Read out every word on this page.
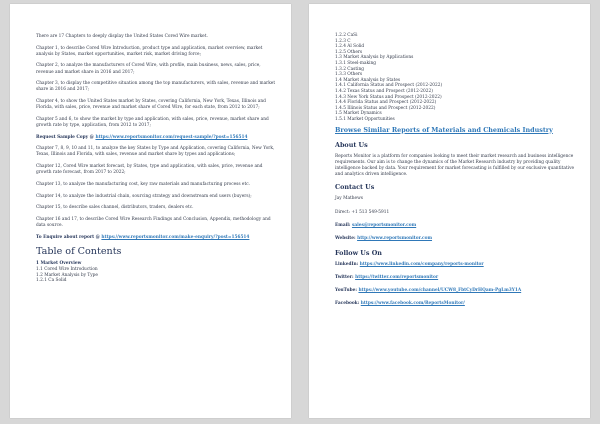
There are 17 Chapters to deeply display the United States Cored Wire market.

Chapter 1, to describe Cored Wire Introduction, product type and application, market overview, market analysis by States, market opportunities, market risk, market driving force;

Chapter 2, to analyze the manufacturers of Cored Wire, with profile, main business, news, sales, price, revenue and market share in 2016 and 2017;

Chapter 3, to display the competitive situation among the top manufacturers, with sales, revenue and market share in 2016 and 2017;

Chapter 4, to show the United States market by States, covering California, New York, Texas, Illinois and Florida, with sales, price, revenue and market share of Cored Wire, for each state, from 2012 to 2017;

Chapter 5 and 6, to show the market by type and application, with sales, price, revenue, market share and growth rate by type, application, from 2012 to 2017;

Request Sample Copy @ https://www.reportsmonitor.com/request-sample/?post=156514

Chapter 7, 8, 9, 10 and 11, to analyze the key States by Type and Application, covering California, New York, Texas, Illinois and Florida, with sales, revenue and market share by types and applications;

Chapter 12, Cored Wire market forecast, by States, type and application, with sales, price, revenue and growth rate forecast, from 2017 to 2022;

Chapter 13, to analyze the manufacturing cost, key raw materials and manufacturing process etc.

Chapter 14, to analyze the industrial chain, sourcing strategy and downstream end users (buyers);

Chapter 15, to describe sales channel, distributors, traders, dealers etc.

Chapter 16 and 17, to describe Cored Wire Research Findings and Conclusion, Appendix, methodology and data source.

To Enquire about report @ https://www.reportsmonitor.com/make-enquiry/?post=156514

Table of Contents
1 Market Overview
1.1 Cored Wire Introduction
1.2 Market Analysis by Type
1.2.1 Ca Solid
1.2.2 CaSi
1.2.3 C
1.2.4 Al Solid
1.2.5 Others
1.3 Market Analysis by Applications
1.3.1 Steel-making
1.3.2 Casting
1.3.3 Others
1.4 Market Analysis by States
1.4.1 California Status and Prospect (2012-2022)
1.4.2 Texas Status and Prospect (2012-2022)
1.4.3 New York Status and Prospect (2012-2022)
1.4.4 Florida Status and Prospect (2012-2022)
1.4.5 Illinois Status and Prospect (2012-2022)
1.5 Market Dynamics
1.5.1 Market Opportunities
Browse Similar Reports of Materials and Chemicals Industry
About Us

Reports Monitor is a platform for companies looking to meet their market research and business intelligence requirements. Our aim is to change the dynamics of the Market Research industry by providing quality intelligence backed by data. Your requirement for market forecasting is fulfilled by our exclusive quantitative and analytics driven intelligence.

Contact Us

Jay Mathews

Direct: +1 513 549-5911

Email: sales@reportsmonitor.com

Website: http://www.reportsmonitor.com

Follow Us On

LinkedIn: https://www.linkedin.com/company/reports-monitor

Twitter: https://twitter.com/reportsmonitor

YouTube: https://www.youtube.com/channel/UCW8_FbtCyDrHQam-PgLm3Y1A

Facebook: https://www.facebook.com/ReportsMonitor/
